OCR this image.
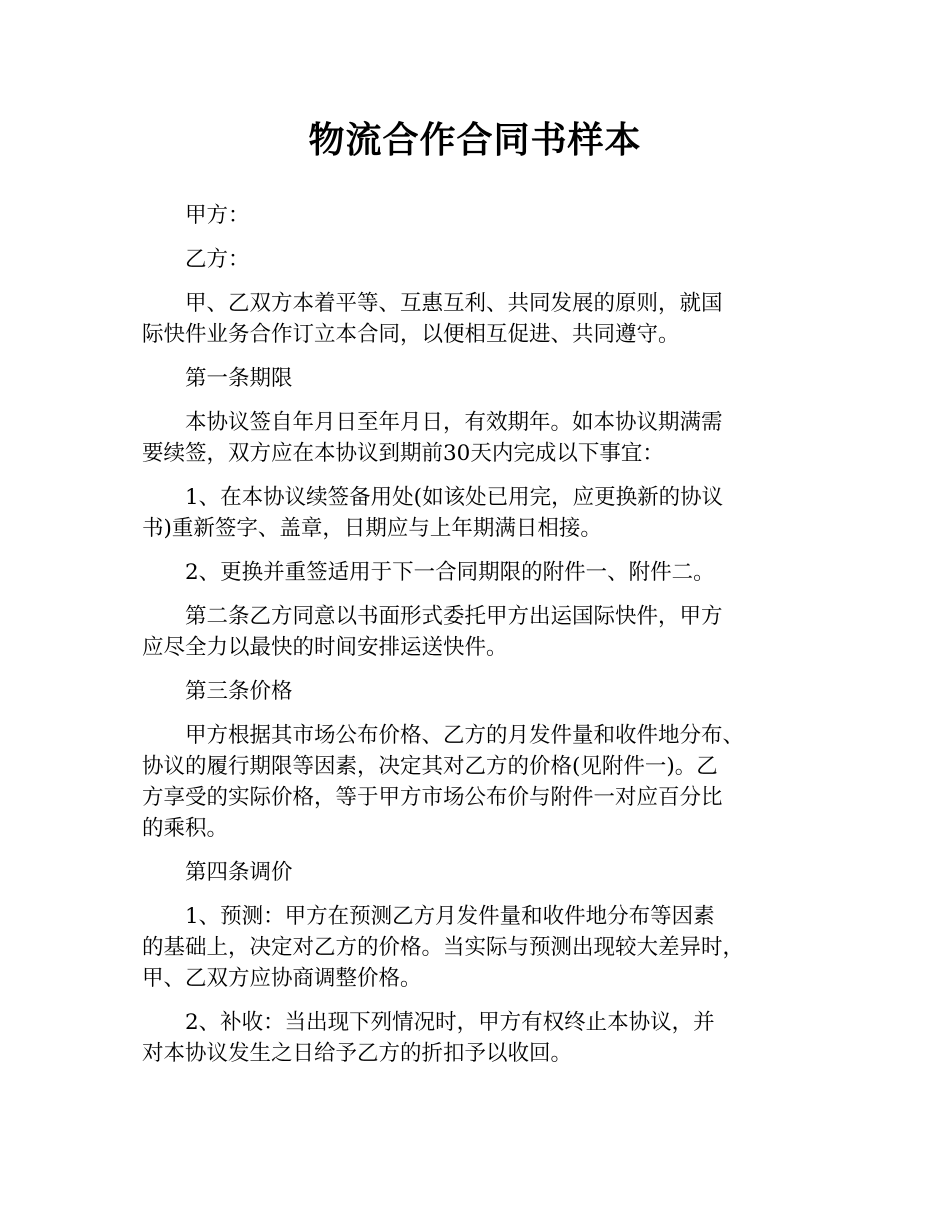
物流合作合同书样本

甲方：

乙方：

甲、乙双方本着平等、互惠互利、共同发展的原则，就国
际快件业务合作订立本合同，以便相互促进、共同遵守。

第一条期限

本协议签自年月日至年月日，有效期年。如本协议期满需
要续签，双方应在本协议到期前30天内完成以下事宜：

1、在本协议续签备用处(如该处已用完，应更换新的协议
书)重新签字、盖章，日期应与上年期满日相接。

2、更换并重签适用于下一合同期限的附件一、附件二。

第二条乙方同意以书面形式委托甲方出运国际快件，甲方
应尽全力以最快的时间安排运送快件。

第三条价格

甲方根据其市场公布价格、乙方的月发件量和收件地分布、
协议的履行期限等因素，决定其对乙方的价格(见附件一)。乙
方享受的实际价格，等于甲方市场公布价与附件一对应百分比
的乘积。

第四条调价

1、预测：甲方在预测乙方月发件量和收件地分布等因素
的基础上，决定对乙方的价格。当实际与预测出现较大差异时，
甲、乙双方应协商调整价格。

2、补收：当出现下列情况时，甲方有权终止本协议，并
对本协议发生之日给予乙方的折扣予以收回。
